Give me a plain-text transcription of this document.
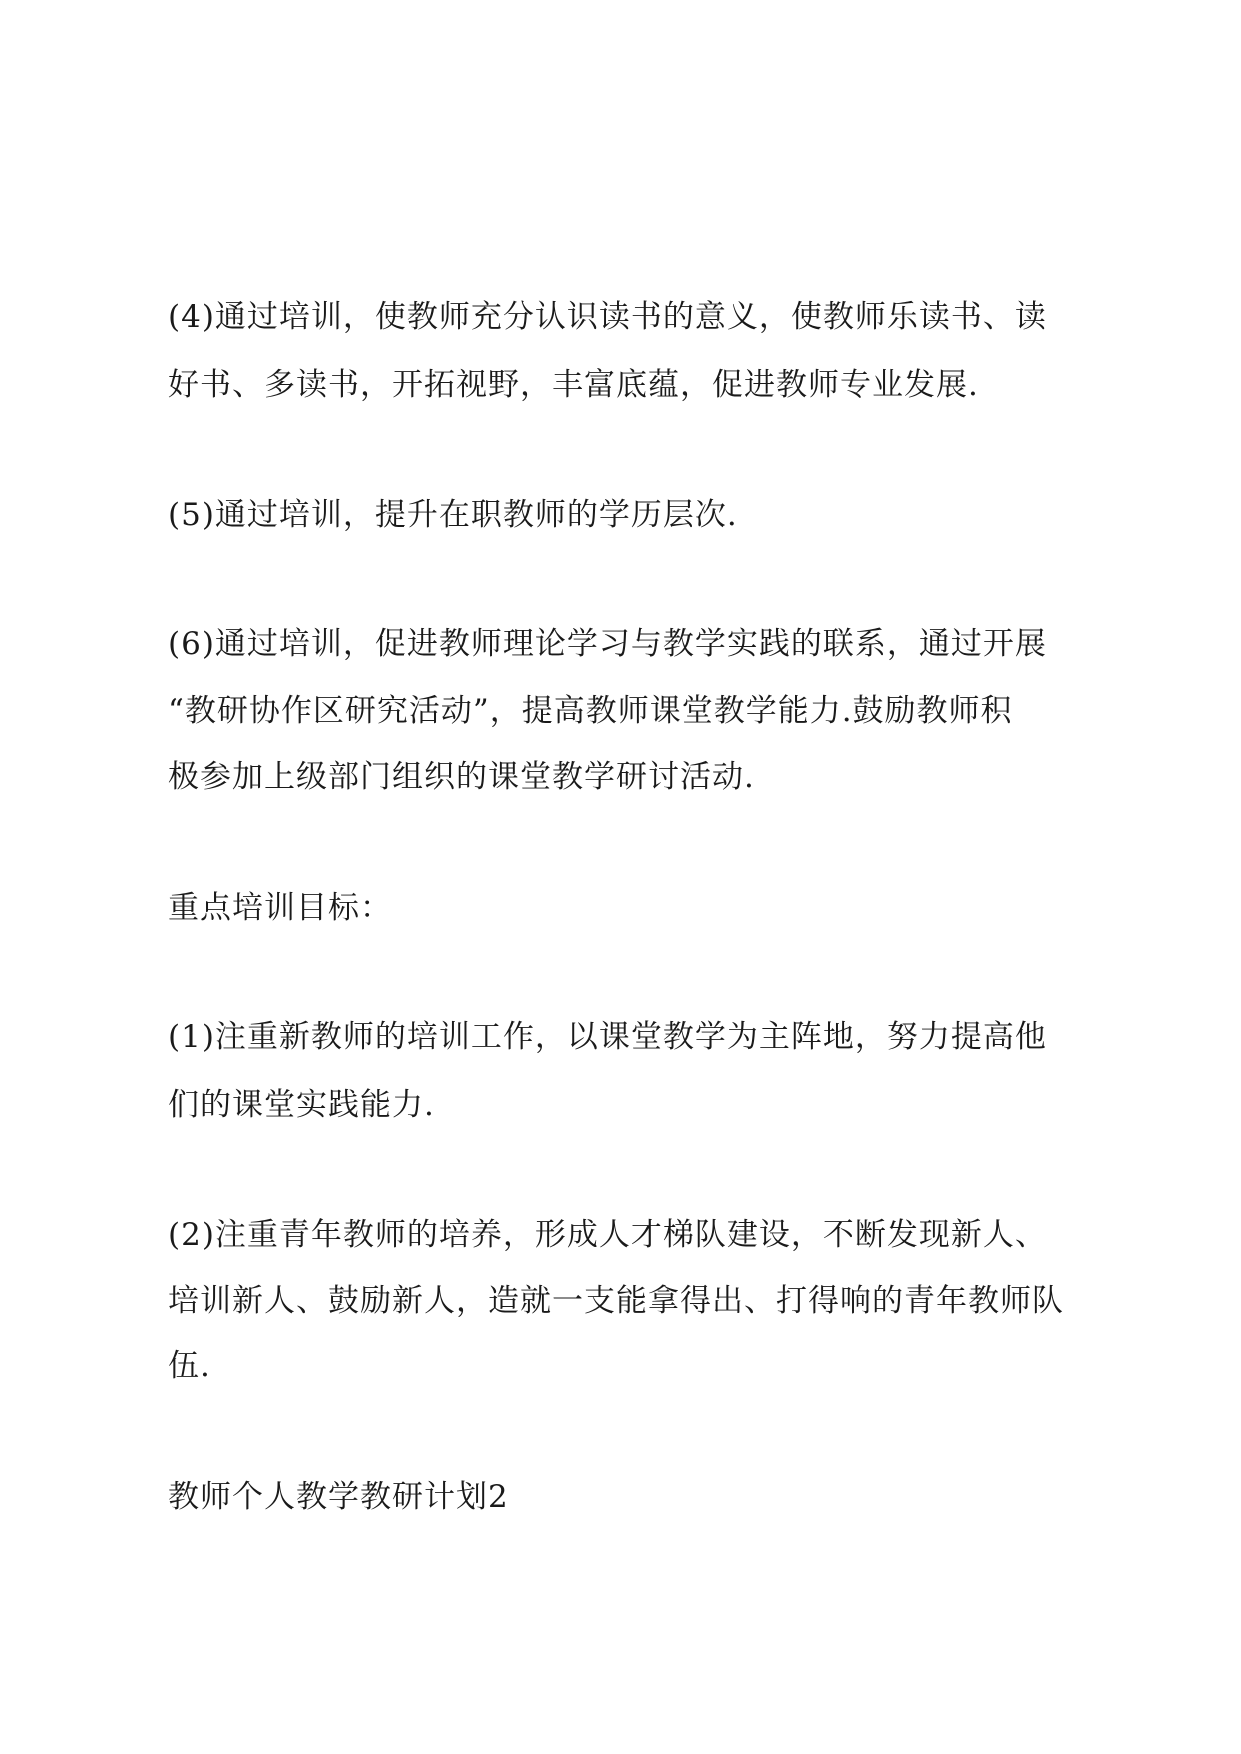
(4)通过培训，使教师充分认识读书的意义，使教师乐读书、读
好书、多读书，开拓视野，丰富底蕴，促进教师专业发展.
(5)通过培训，提升在职教师的学历层次.
(6)通过培训，促进教师理论学习与教学实践的联系，通过开展
“教研协作区研究活动”，提高教师课堂教学能力.鼓励教师积
极参加上级部门组织的课堂教学研讨活动.
重点培训目标：
(1)注重新教师的培训工作，以课堂教学为主阵地，努力提高他
们的课堂实践能力.
(2)注重青年教师的培养，形成人才梯队建设，不断发现新人、
培训新人、鼓励新人，造就一支能拿得出、打得响的青年教师队
伍.
教师个人教学教研计划2
